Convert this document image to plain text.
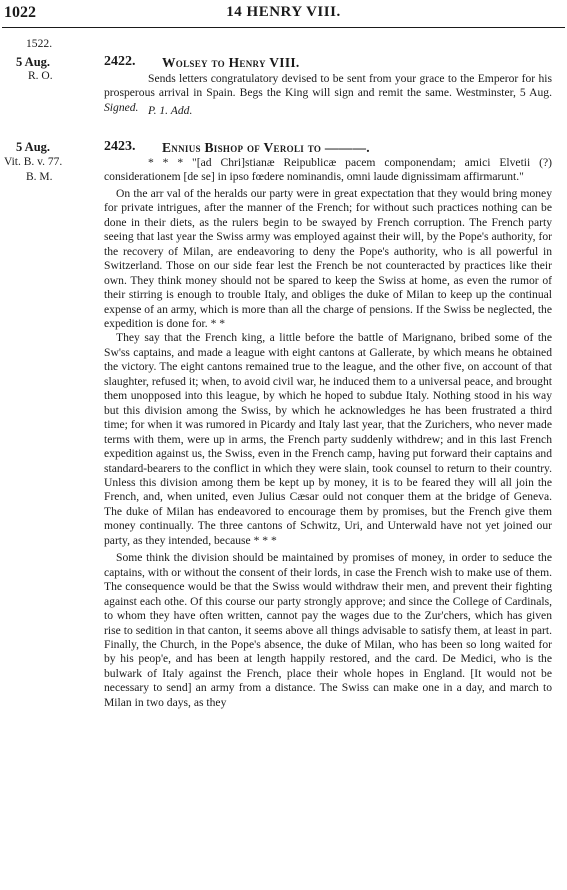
1022	14 HENRY VIII.
1522.
5 Aug.
R. O.
2422. Wolsey to Henry VIII.

Sends letters congratulatory devised to be sent from your grace to the Emperor for his prosperous arrival in Spain. Begs the King will sign and remit the same. Westminster, 5 Aug. Signed. P. 1. Add.
5 Aug.
Vit. B. v. 77.
B. M.
2423. Ennius Bishop of Veroli to ———.

* * * "[ad Chri]stianæ Reipublicæ pacem componendam; amici Elvetii (?) considerationem [de se] in ipso fœdere nominandis, omni laude dignissimam affirmarunt."

On the arr val of the heralds our party were in great expectation that they would bring money for private intrigues, after the manner of the French; for without such practices nothing can be done in their diets, as the rulers begin to be swayed by French corruption. The French party seeing that last year the Swiss army was employed against their will, by the Pope's authority, for the recovery of Milan, are endeavoring to deny the Pope's authority, who is all powerful in Switzerland. Those on our side fear lest the French be not counteracted by practices like their own. They think money should not be spared to keep the Swiss at home, as even the rumor of their stirring is enough to trouble Italy, and obliges the duke of Milan to keep up the continual expense of an army, which is more than all the charge of pensions. If the Swiss be neglected, the expedition is done for. * *

They say that the French king, a little before the battle of Marignano, bribed some of the Sw'ss captains, and made a league with eight cantons at Gallerate, by which means he obtained the victory. The eight cantons remained true to the league, and the other five, on account of that slaughter, refused it; when, to avoid civil war, he induced them to a universal peace, and brought them unopposed into this league, by which he hoped to subdue Italy. Nothing stood in his way but this division among the Swiss, by which he acknowledges he has been frustrated a third time; for when it was rumored in Picardy and Italy last year, that the Zurichers, who never made terms with them, were up in arms, the French party suddenly withdrew; and in this last French expedition against us, the Swiss, even in the French camp, having put forward their captains and standard-bearers to the conflict in which they were slain, took counsel to return to their country. Unless this division among them be kept up by money, it is to be feared they will all join the French, and, when united, even Julius Cæsar ould not conquer them at the bridge of Geneva. The duke of Milan has endeavored to encourage them by promises, but the French give them money continually. The three cantons of Schwitz, Uri, and Unterwald have not yet joined our party, as they intended, because * * *

Some think the division should be maintained by promises of money, in order to seduce the captains, with or without the consent of their lords, in case the French wish to make use of them. The consequence would be that the Swiss would withdraw their men, and prevent their fighting against each othe. Of this course our party strongly approve; and since the College of Cardinals, to whom they have often written, cannot pay the wages due to the Zur'chers, which has given rise to sedition in that canton, it seems above all things advisable to satisfy them, at least in part. Finally, the Church, in the Pope's absence, the duke of Milan, who has been so long waited for by his peop'e, and has been at length happily restored, and the card. De Medici, who is the bulwark of Italy against the French, place their whole hopes in England. [It would not be necessary to send] an army from a distance. The Swiss can make one in a day, and march to Milan in two days, as they
